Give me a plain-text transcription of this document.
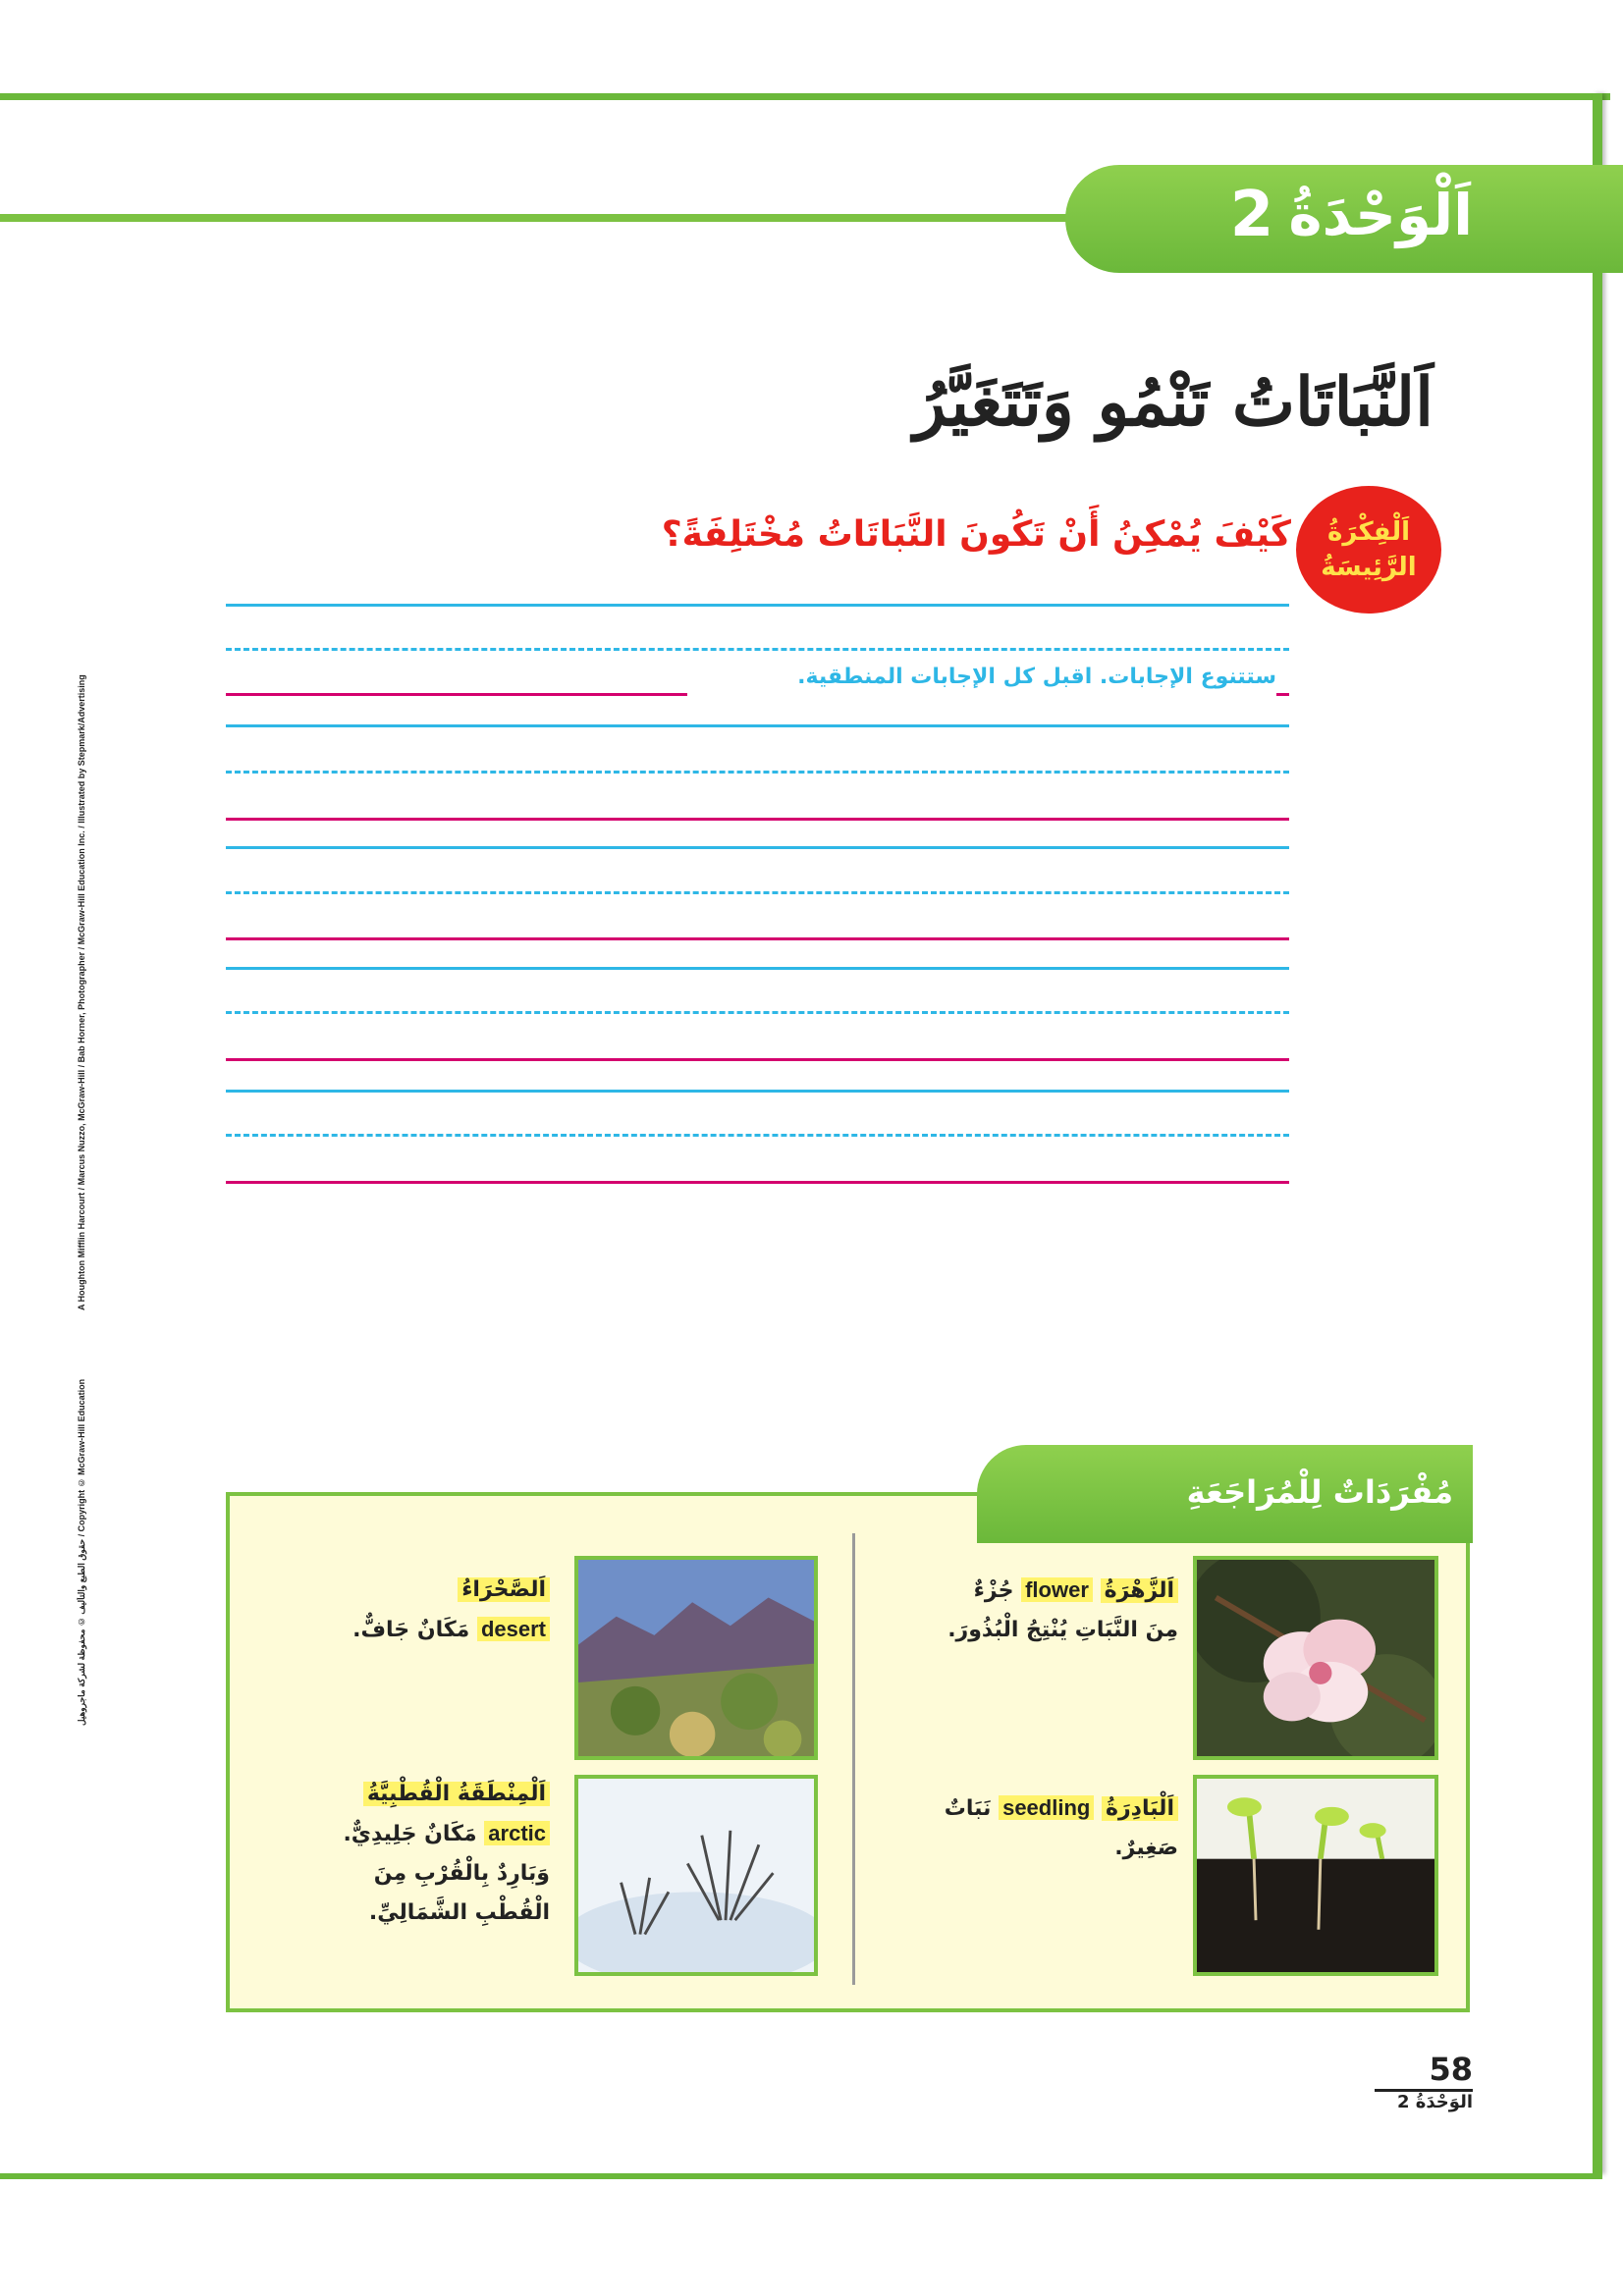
2 اَلْوَحْدَةُ
A Houghton Mifflin Harcourt / Marcus Nuzzo, McGraw-Hill / Bab Horner, Photographer / McGraw-Hill Education Inc. / Illustrated by Stepmark/Advertising
Copyright © McGraw-Hill Education / حقوق الطبع والتأليف © محفوظة لشركة ماجروهيل
اَلنَّبَاتَاتُ تَنْمُو وَتَتَغَيَّرُ
اَلْفِكْرَةُ
الرَّئِيسَةُ
كَيْفَ يُمْكِنُ أَنْ تَكُونَ النَّبَاتَاتُ مُخْتَلِفَةً؟
ستتنوع الإجابات. اقبل كل الإجابات المنطقية.
مُفْرَدَاتٌ لِلْمُرَاجَعَةِ
اَلزَّهْرَةُ flower جُزْءٌ
مِنَ النَّبَاتِ يُنْتِجُ الْبُذُورَ.
اَلصَّحْرَاءُ
desert مَكَانٌ جَافٌّ.
اَلْبَادِرَةُ seedling نَبَاتٌ
صَغِيرٌ.
اَلْمِنْطَقَةُ الْقُطْبِيَّةُ
arctic مَكَانٌ جَلِيدِيٌّ.
وَبَارِدٌ بِالْقُرْبِ مِنَ
الْقُطْبِ الشَّمَالِيِّ.
58
الوَحْدَةُ 2
